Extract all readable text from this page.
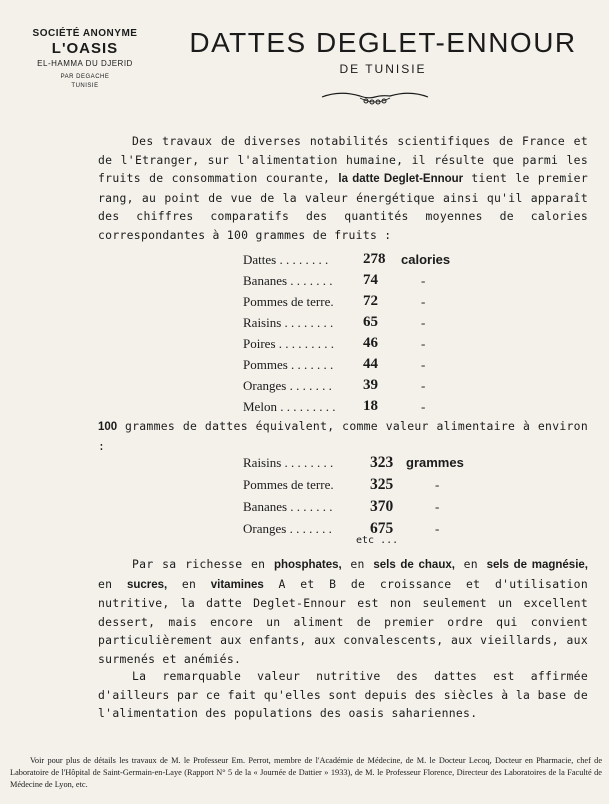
SOCIÉTÉ ANONYME
L'OASIS
EL-HAMMA DU DJERID
PAR DEGACHE
TUNISIE
DATTES DEGLET-ENNOUR
DE TUNISIE
Des travaux de diverses notabilités scientifiques de France et de l'Etranger, sur l'alimentation humaine, il résulte que parmi les fruits de consommation courante, la datte Deglet-Ennour tient le premier rang, au point de vue de la valeur énergétique ainsi qu'il apparaît des chiffres comparatifs des quantités moyennes de calories correspondantes à 100 grammes de fruits :
Dattes . . . . . . . . 278 calories
Bananes . . . . . . . 74	-
Pommes de terre. 72	-
Raisins . . . . . . . . 65	-
Poires . . . . . . . . . 46	-
Pommes . . . . . . . 44	-
Oranges . . . . . . . 39	-
Melon . . . . . . . . . 18	-
100 grammes de dattes équivalent, comme valeur alimentaire à environ :
Raisins . . . . . . . . 323 grammes
Pommes de terre. 325	-
Bananes . . . . . . . 370	-
Oranges . . . . . . . 675	-
etc ...
Par sa richesse en phosphates, en sels de chaux, en sels de magnésie, en sucres, en vitamines A et B de croissance et d'utilisation nutritive, la datte Deglet-Ennour est non seulement un excellent dessert, mais encore un aliment de premier ordre qui convient particulièrement aux enfants, aux convalescents, aux vieillards, aux surmenés et anémiés.
La remarquable valeur nutritive des dattes est affirmée d'ailleurs par ce fait qu'elles sont depuis des siècles à la base de l'alimentation des populations des oasis sahariennes.
Voir pour plus de détails les travaux de M. le Professeur Em. Perrot, membre de l'Académie de Médecine, de M. le Docteur Lecoq, Docteur en Pharmacie, chef de Laboratoire de l'Hôpital de Saint-Germain-en-Laye (Rapport N° 5 de la « Journée de Dattier » 1933), de M. le Professeur Florence, Directeur des Laboratoires de la Faculté de Médecine de Lyon, etc.
